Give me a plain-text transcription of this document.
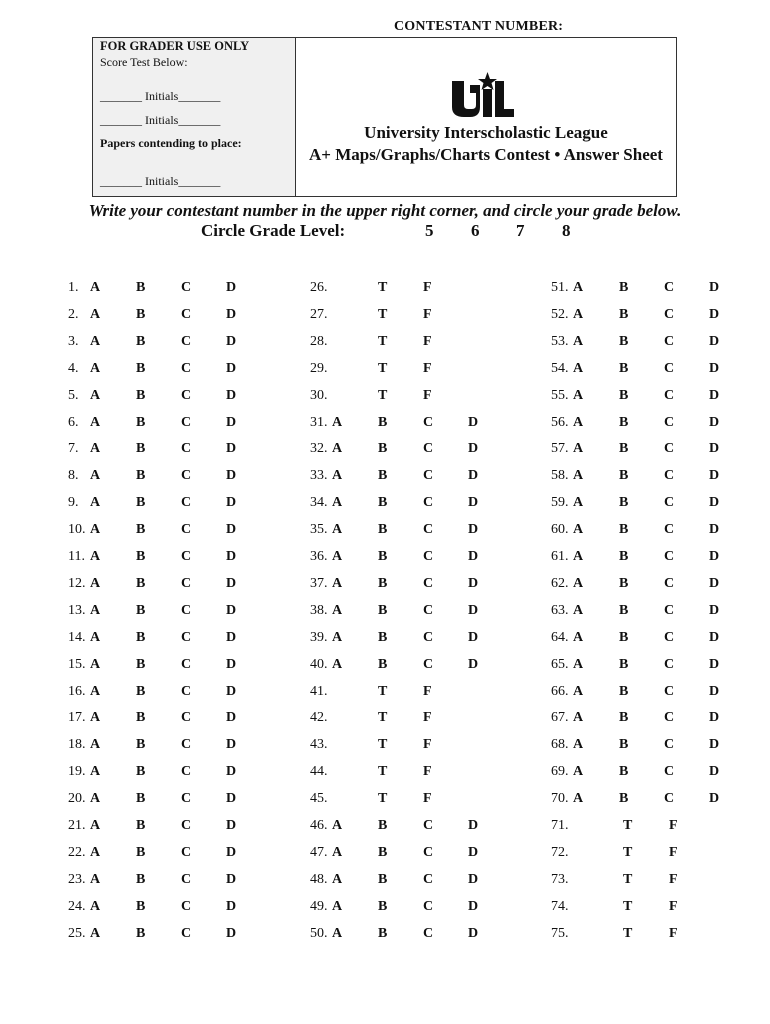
CONTESTANT NUMBER:
FOR GRADER USE ONLY
Score Test Below:
_______ Initials_______
_______ Initials_______
Papers contending to place:
_______ Initials_______
University Interscholastic League
A+ Maps/Graphs/Charts Contest • Answer Sheet
Write your contestant number in the upper right corner, and circle your grade below.
Circle Grade Level:	5 6 7 8
1. A	B	C D
2. A	B	C D
3. A	B	C D
4. A	B	C D
5. A	B	C D
6. A	B	C D
7. A	B	C D
8. A	B	C D
9. A	B	C D
10. A	B	C D
11. A	B	C D
12. A	B	C D
13. A	B	C D
14. A	B	C D
15. A	B	C D
16. A	B	C D
17. A	B	C D
18. A	B	C D
19. A	B	C D
20. A	B	C D
21. A	B	C D
22. A	B	C D
23. A	B	C D
24. A	B	C D
25. A	B	C D
26.	T	F
27.	T	F
28.	T	F
29.	T	F
30.	T	F
31. A	B	C D
32. A	B	C D
33. A	B	C D
34. A	B	C D
35. A	B	C D
36. A	B	C D
37. A	B	C D
38. A	B	C D
39. A	B	C D
40. A	B	C D
41.	T	F
42.	T	F
43.	T	F
44.	T	F
45.	T	F
46. A	B	C D
47. A	B	C D
48. A	B	C D
49. A	B	C D
50. A	B	C D
51. A	B	C D
52. A	B	C D
53. A	B	C D
54. A	B	C D
55. A	B	C D
56. A	B	C D
57. A	B	C D
58. A	B	C D
59. A	B	C D
60. A	B	C D
61. A	B	C D
62. A	B	C D
63. A	B	C D
64. A	B	C D
65. A	B	C D
66. A	B	C D
67. A	B	C D
68. A	B	C D
69. A	B	C D
70. A	B	C D
71.	T	F
72.	T	F
73.	T	F
74.	T	F
75.	T	F
